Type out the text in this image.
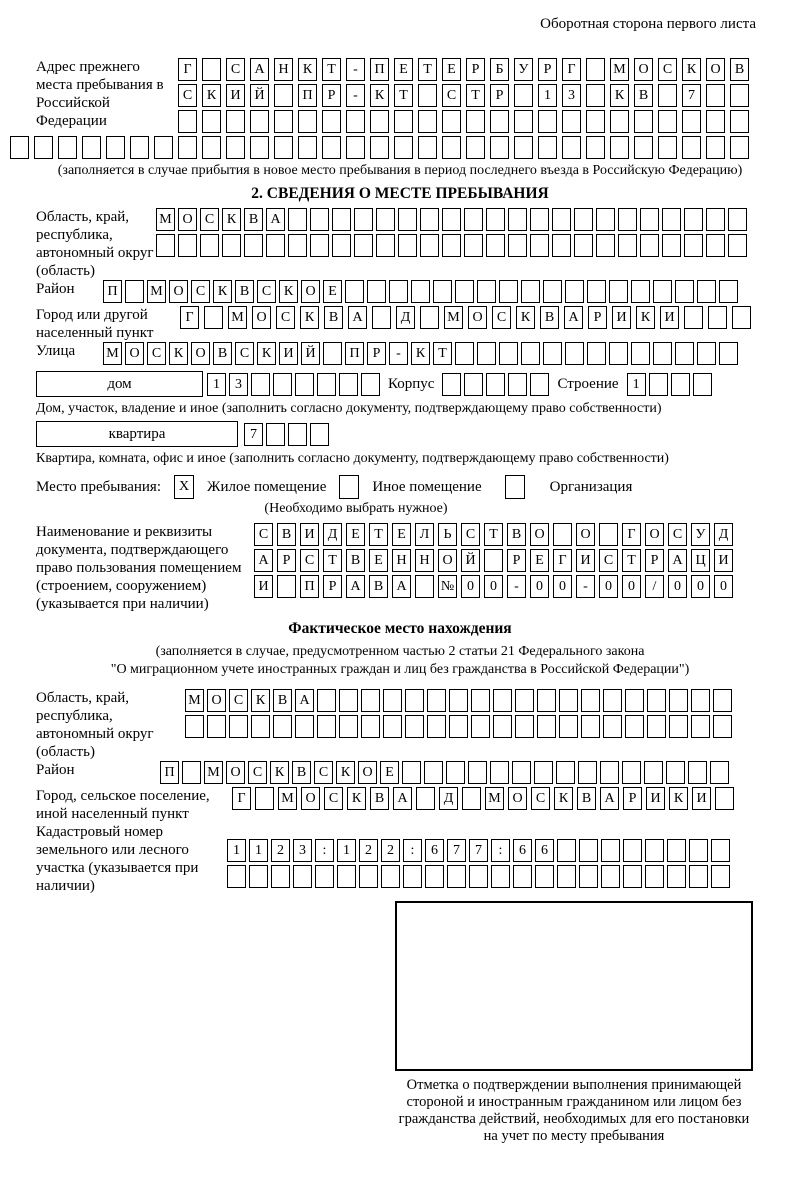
Оборотная сторона первого листа
Адрес прежнего места пребывания в Российской Федерации
Г	С	А Н	К	Т	-	П	Е	Т	Е	Р	Б	У	Р	Г	М О	С	К	О	В
С	К	И Й	П	Р	-	К	Т	С	Т	Р	1	3	К	В	7
(заполняется в случае прибытия в новое место пребывания в период последнего въезда в Российскую Федерацию)
2. СВЕДЕНИЯ О МЕСТЕ ПРЕБЫВАНИЯ
Область, край, республика, автономный округ (область)
М О С К В А
Район	П	М О С К В С К О Е
Город или другой населенный пункт
Г	М О	С	К	В	А	Д	М О	С	К	В	А	Р	И	К	И
Улица	М О С К О В С К И Й	П Р	-	К Т
дом	1	3	Корпус	Строение	1
Дом, участок, владение и иное (заполнить согласно документу, подтверждающему право собственности)
квартира	7
Квартира, комната, офис и иное (заполнить согласно документу, подтверждающему право собственности)
Место пребывания:	X	Жилое помещение	Иное помещение	Организация
(Необходимо выбрать нужное)
Наименование и реквизиты документа, подтверждающего право пользования помещением (строением, сооружением) (указывается при наличии)
С В И Д Е	Т	Е Л	Ь	С	Т	В О	О	Г О С У Д
А	Р	С	Т	В	Е Н Н О Й	Р	Е	Г И С	Т	Р	А Ц И
И	П	Р	А В А	№ 0	0	-	0	0	-	0	0	/	0	0	0
Фактическое место нахождения
(заполняется в случае, предусмотренном частью 2 статьи 21 Федерального закона
"О миграционном учете иностранных граждан и лиц без гражданства в Российской Федерации")
Область, край, республика, автономный округ (область)
М О С К В А
Район	П	М О С К В С К О Е
Город, сельское поселение, иной населенный пункт
Г	М О С К В А	Д	М О С К В А	Р	И К И
Кадастровый номер земельного или лесного участка (указывается при наличии)
1	1	2	3	:	1	2	2	:	6	7	7	:	6	6
Отметка о подтверждении выполнения принимающей стороной и иностранным гражданином или лицом без гражданства действий, необходимых для его постановки на учет по месту пребывания
